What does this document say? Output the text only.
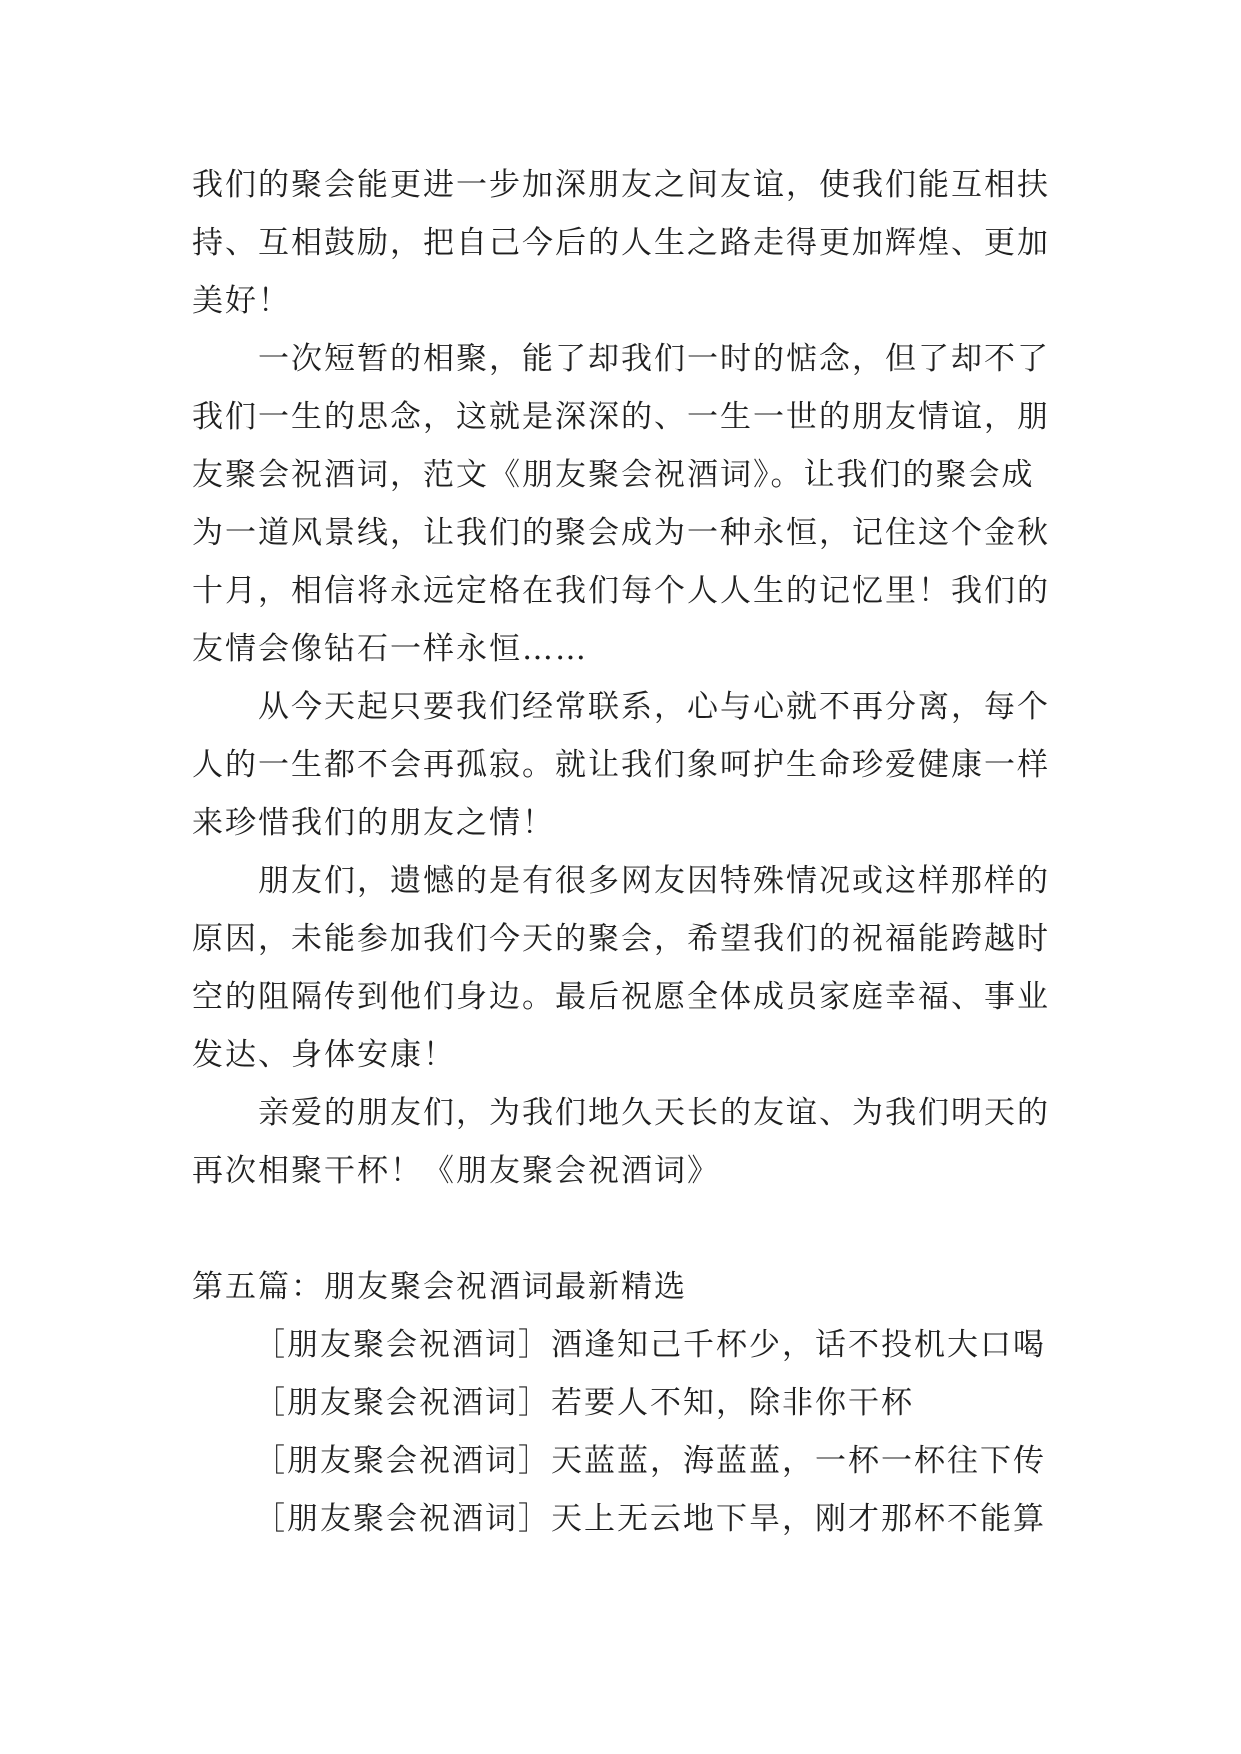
我们的聚会能更进一步加深朋友之间友谊，使我们能互相扶
持、互相鼓励，把自己今后的人生之路走得更加辉煌、更加
美好！
一次短暂的相聚，能了却我们一时的惦念，但了却不了
我们一生的思念，这就是深深的、一生一世的朋友情谊，朋
友聚会祝酒词，范文《朋友聚会祝酒词》。让我们的聚会成
为一道风景线，让我们的聚会成为一种永恒，记住这个金秋
十月，相信将永远定格在我们每个人人生的记忆里！我们的
友情会像钻石一样永恒……
从今天起只要我们经常联系，心与心就不再分离，每个
人的一生都不会再孤寂。就让我们象呵护生命珍爱健康一样
来珍惜我们的朋友之情！
朋友们，遗憾的是有很多网友因特殊情况或这样那样的
原因，未能参加我们今天的聚会，希望我们的祝福能跨越时
空的阻隔传到他们身边。最后祝愿全体成员家庭幸福、事业
发达、身体安康！
亲爱的朋友们，为我们地久天长的友谊、为我们明天的
再次相聚干杯！《朋友聚会祝酒词》
第五篇：朋友聚会祝酒词最新精选
［朋友聚会祝酒词］酒逢知己千杯少，话不投机大口喝
［朋友聚会祝酒词］若要人不知，除非你干杯
［朋友聚会祝酒词］天蓝蓝，海蓝蓝，一杯一杯往下传
［朋友聚会祝酒词］天上无云地下旱，刚才那杯不能算
